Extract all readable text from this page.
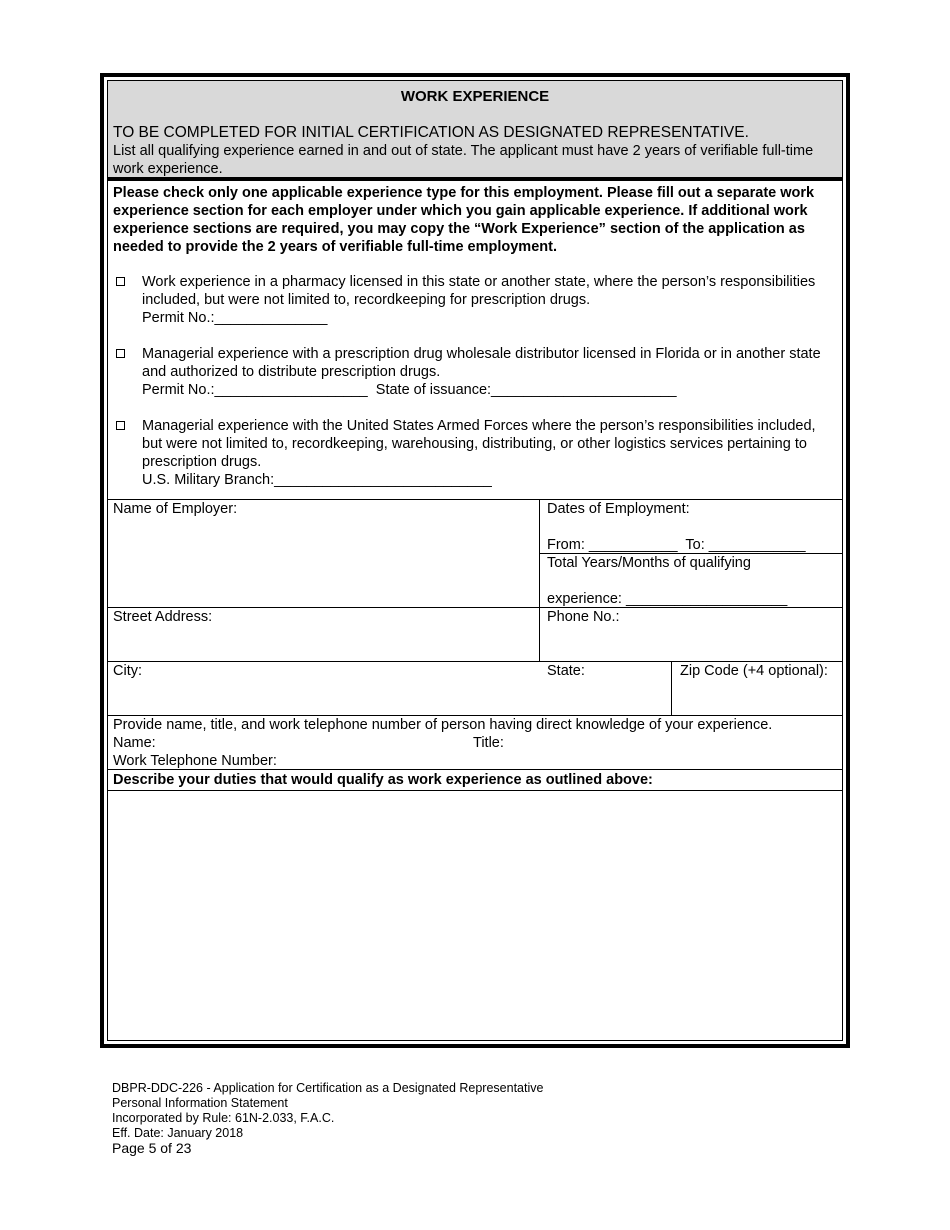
WORK EXPERIENCE
TO BE COMPLETED FOR INITIAL CERTIFICATION AS DESIGNATED REPRESENTATIVE.
List all qualifying experience earned in and out of state. The applicant must have 2 years of verifiable full-time work experience.
Please check only one applicable experience type for this employment. Please fill out a separate work experience section for each employer under which you gain applicable experience. If additional work experience sections are required, you may copy the “Work Experience” section of the application as needed to provide the 2 years of verifiable full-time employment.
Work experience in a pharmacy licensed in this state or another state, where the person’s responsibilities included, but were not limited to, recordkeeping for prescription drugs.
Permit No.:______________
Managerial experience with a prescription drug wholesale distributor licensed in Florida or in another state and authorized to distribute prescription drugs.
Permit No.:___________________  State of issuance:_______________________
Managerial experience with the United States Armed Forces where the person’s responsibilities included, but were not limited to, recordkeeping, warehousing, distributing, or other logistics services pertaining to prescription drugs.
U.S. Military Branch:___________________________
Name of Employer:	Dates of Employment:
From: ___________  To: ____________
Total Years/Months of qualifying
experience: ____________________
Street Address:	Phone No.:
City:	State:	Zip Code (+4 optional):
Provide name, title, and work telephone number of person having direct knowledge of your experience.
Name:	Title:
Work Telephone Number:
Describe your duties that would qualify as work experience as outlined above:
DBPR-DDC-226 - Application for Certification as a Designated Representative
Personal Information Statement
Incorporated by Rule: 61N-2.033, F.A.C.
Eff. Date: January 2018
Page 5 of 23
